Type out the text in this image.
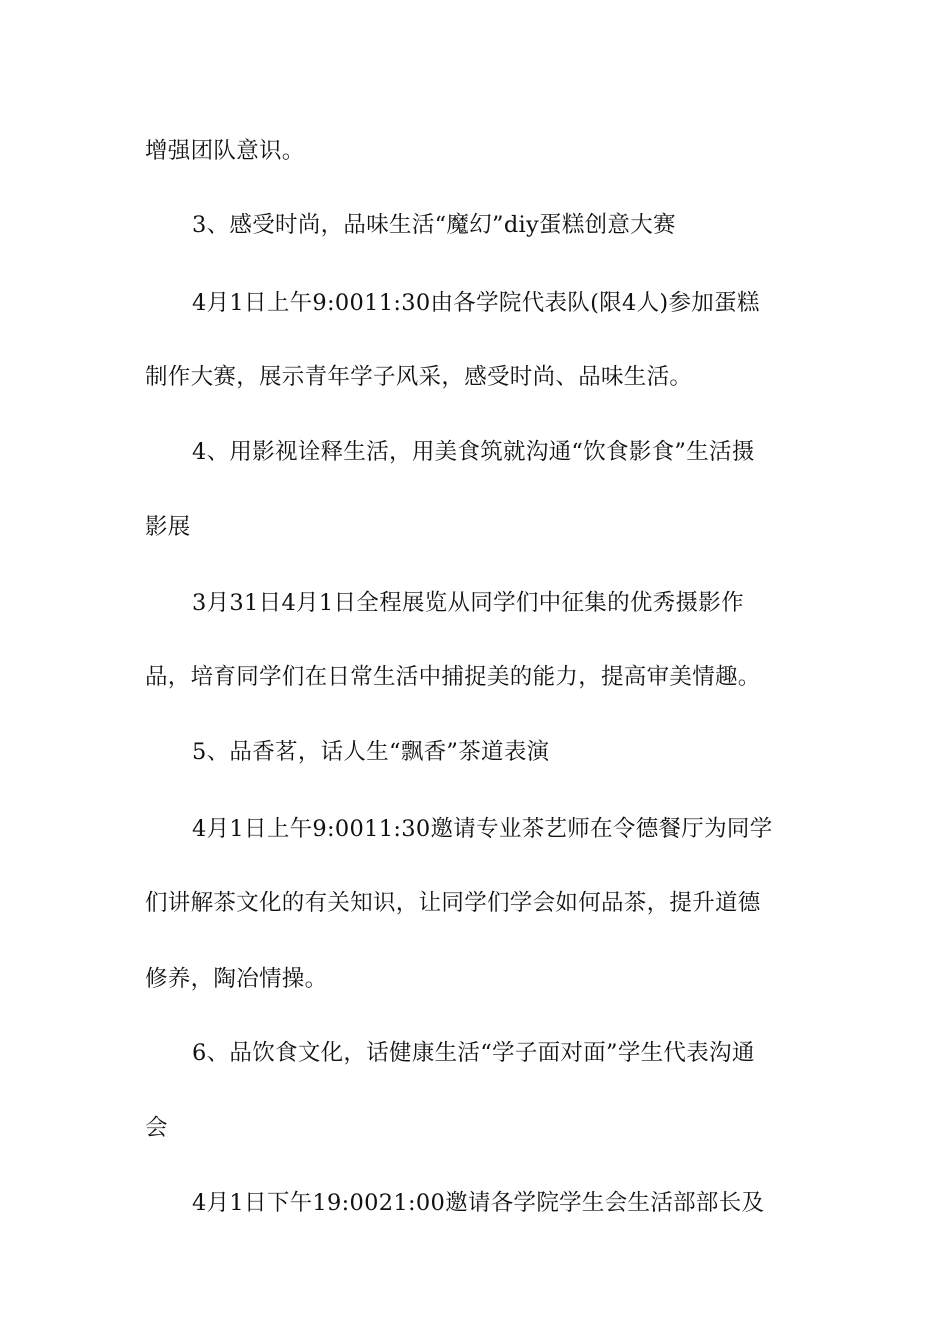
增强团队意识。
3、感受时尚，品味生活“魔幻”diy蛋糕创意大赛
4月1日上午9:0011:30由各学院代表队(限4人)参加蛋糕
制作大赛，展示青年学子风采，感受时尚、品味生活。
4、用影视诠释生活，用美食筑就沟通“饮食影食”生活摄
影展
3月31日4月1日全程展览从同学们中征集的优秀摄影作
品，培育同学们在日常生活中捕捉美的能力，提高审美情趣。
5、品香茗，话人生“飘香”茶道表演
4月1日上午9:0011:30邀请专业茶艺师在令德餐厅为同学
们讲解茶文化的有关知识，让同学们学会如何品茶，提升道德
修养，陶冶情操。
6、品饮食文化，话健康生活“学子面对面”学生代表沟通
会
4月1日下午19:0021:00邀请各学院学生会生活部部长及
